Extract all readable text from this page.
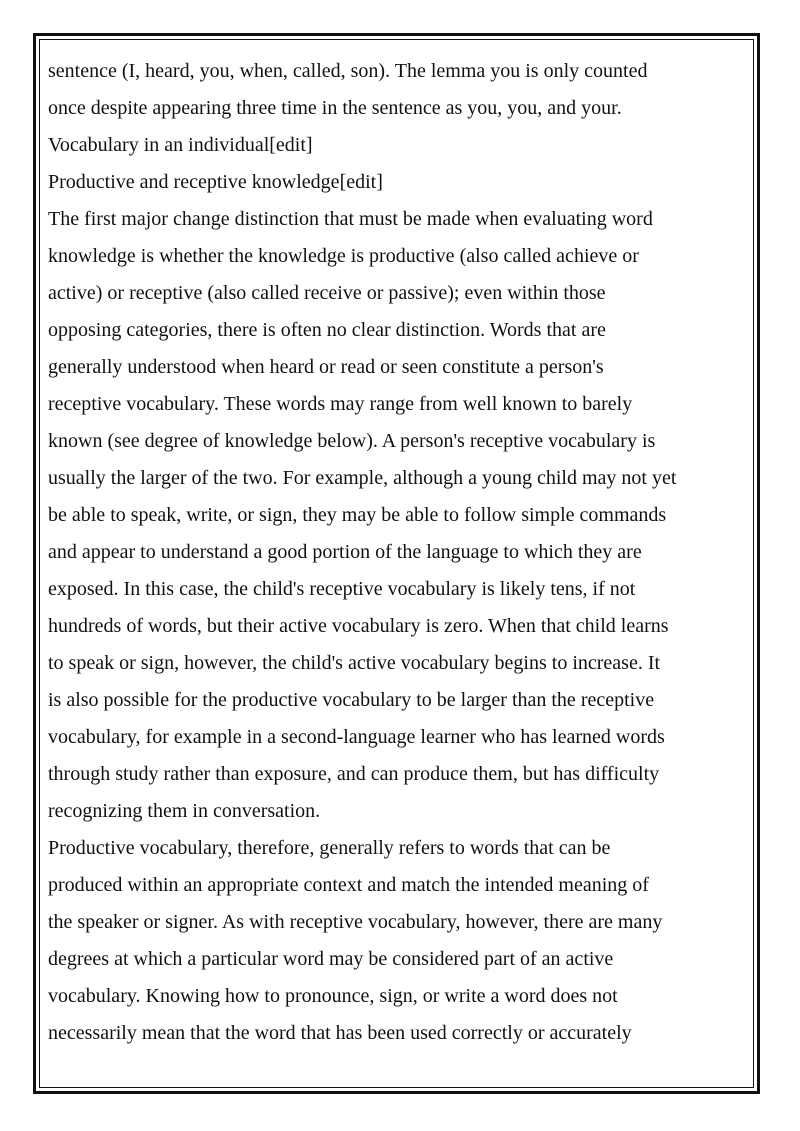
sentence (I, heard, you, when, called, son). The lemma you is only counted
once despite appearing three time in the sentence as you, you, and your.
Vocabulary in an individual[edit]
Productive and receptive knowledge[edit]
The first major change distinction that must be made when evaluating word
knowledge is whether the knowledge is productive (also called achieve or
active) or receptive (also called receive or passive); even within those
opposing categories, there is often no clear distinction. Words that are
generally understood when heard or read or seen constitute a person's
receptive vocabulary. These words may range from well known to barely
known (see degree of knowledge below). A person's receptive vocabulary is
usually the larger of the two. For example, although a young child may not yet
be able to speak, write, or sign, they may be able to follow simple commands
and appear to understand a good portion of the language to which they are
exposed. In this case, the child's receptive vocabulary is likely tens, if not
hundreds of words, but their active vocabulary is zero. When that child learns
to speak or sign, however, the child's active vocabulary begins to increase. It
is also possible for the productive vocabulary to be larger than the receptive
vocabulary, for example in a second-language learner who has learned words
through study rather than exposure, and can produce them, but has difficulty
recognizing them in conversation.
Productive vocabulary, therefore, generally refers to words that can be
produced within an appropriate context and match the intended meaning of
the speaker or signer. As with receptive vocabulary, however, there are many
degrees at which a particular word may be considered part of an active
vocabulary. Knowing how to pronounce, sign, or write a word does not
necessarily mean that the word that has been used correctly or accurately
